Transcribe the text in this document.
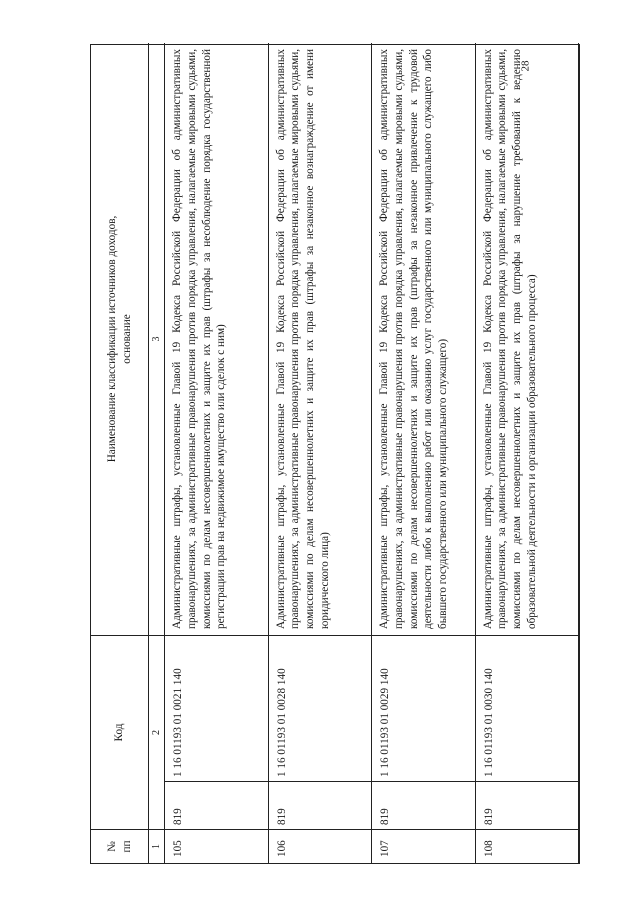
28
№
пп
Код
Наименование классификации источников доходов,
основание
1
2
3
105
819
1 16 01193 01 0021 140
Административные штрафы, установленные Главой 19 Кодекса Российской Федерации об административных правонарушениях, за административные правонарушения против порядка управления, налагаемые мировыми судьями, комиссиями по делам несовершеннолетних и защите их прав (штрафы за несоблюдение порядка государственной регистрации прав на недвижимое имущество или сделок с ним)
106
819
1 16 01193 01 0028 140
Административные штрафы, установленные Главой 19 Кодекса Российской Федерации об административных правонарушениях, за административные правонарушения против порядка управления, налагаемые мировыми судьями, комиссиями по делам несовершеннолетних и защите их прав (штрафы за незаконное вознаграждение от имени юридического лица)
107
819
1 16 01193 01 0029 140
Административные штрафы, установленные Главой 19 Кодекса Российской Федерации об административных правонарушениях, за административные правонарушения против порядка управления, налагаемые мировыми судьями, комиссиями по делам несовершеннолетних и защите их прав (штрафы за незаконное привлечение к трудовой деятельности либо к выполнению работ или оказанию услуг государственного или муниципального служащего либо бывшего государственного или муниципального служащего)
108
819
1 16 01193 01 0030 140
Административные штрафы, установленные Главой 19 Кодекса Российской Федерации об административных правонарушениях, за административные правонарушения против порядка управления, налагаемые мировыми судьями, комиссиями по делам несовершеннолетних и защите их прав (штрафы за нарушение требований к ведению образовательной деятельности и организации образовательного процесса)
